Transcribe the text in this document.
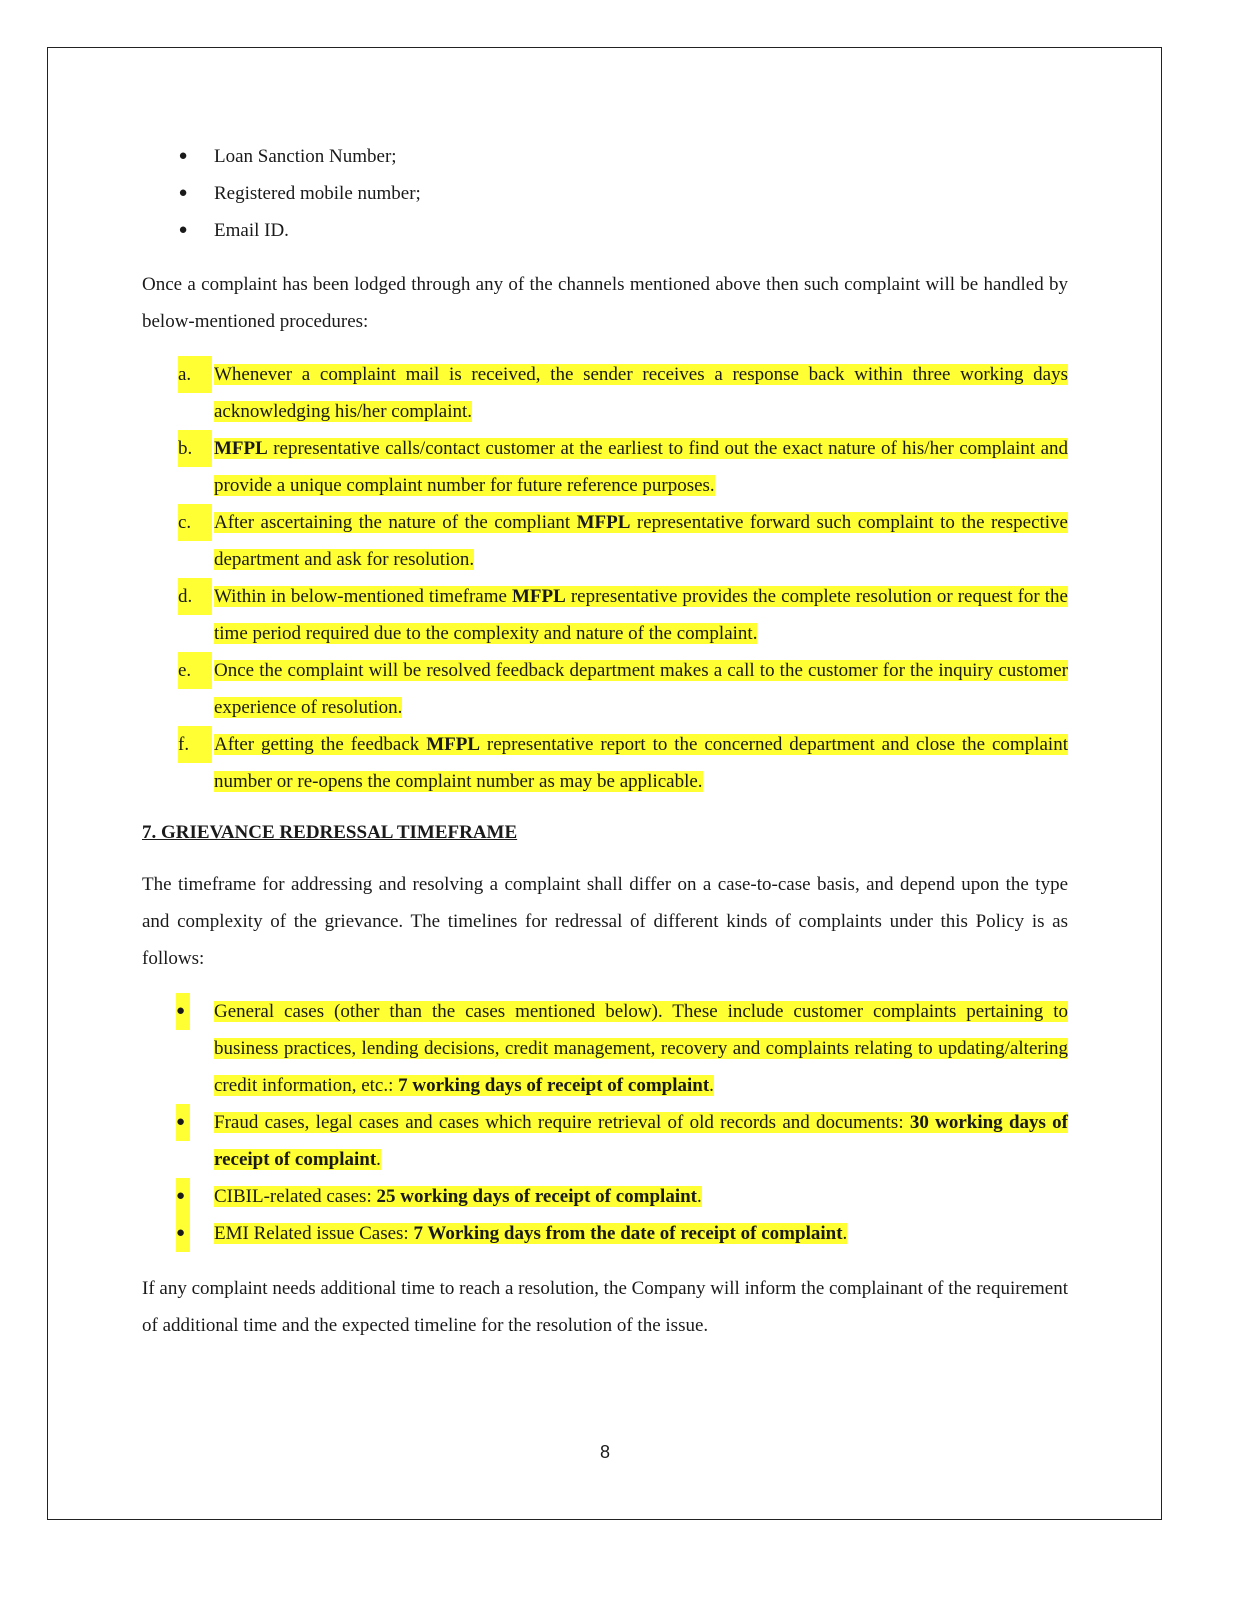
● Loan Sanction Number;
● Registered mobile number;
● Email ID.

Once a complaint has been lodged through any of the channels mentioned above then such complaint will be handled by below-mentioned procedures:

a.	Whenever a complaint mail is received, the sender receives a response back within three working days acknowledging his/her complaint.
b.	MFPL representative calls/contact customer at the earliest to find out the exact nature of his/her complaint and provide a unique complaint number for future reference purposes.
c.	After ascertaining the nature of the compliant MFPL representative forward such complaint to the respective department and ask for resolution.
d.	Within in below-mentioned timeframe MFPL representative provides the complete resolution or request for the time period required due to the complexity and nature of the complaint.
e.	Once the complaint will be resolved feedback department makes a call to the customer for the inquiry customer experience of resolution.
f.	After getting the feedback MFPL representative report to the concerned department and close the complaint number or re-opens the complaint number as may be applicable.
7. GRIEVANCE REDRESSAL TIMEFRAME

The timeframe for addressing and resolving a complaint shall differ on a case-to-case basis, and depend upon the type and complexity of the grievance. The timelines for redressal of different kinds of complaints under this Policy is as follows:

● General cases (other than the cases mentioned below). These include customer complaints pertaining to business practices, lending decisions, credit management, recovery and complaints relating to updating/altering credit information, etc.: 7 working days of receipt of complaint.
● Fraud cases, legal cases and cases which require retrieval of old records and documents: 30 working days of receipt of complaint.
● CIBIL-related cases: 25 working days of receipt of complaint.
● EMI Related issue Cases: 7 Working days from the date of receipt of complaint.

If any complaint needs additional time to reach a resolution, the Company will inform the complainant of the requirement of additional time and the expected timeline for the resolution of the issue.

8
